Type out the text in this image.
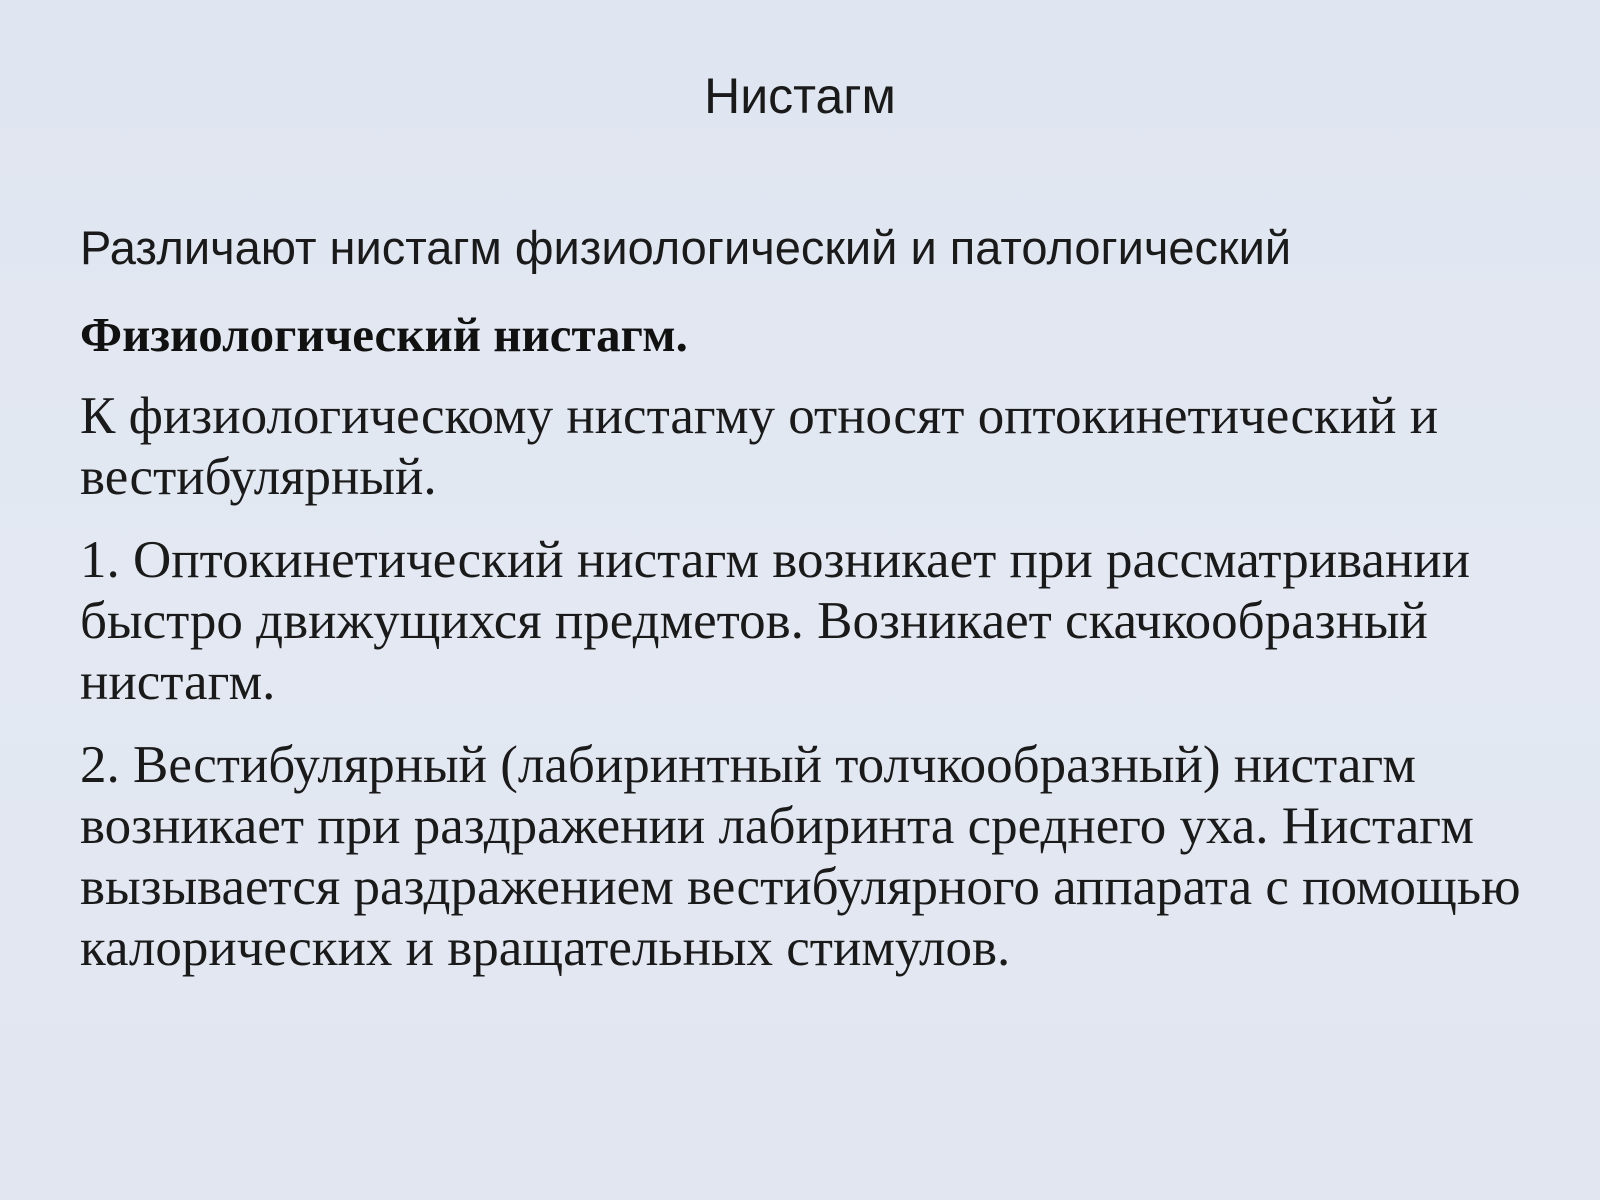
Нистагм

Различают нистагм физиологический и патологический

Физиологический нистагм.

К физиологическому нистагму относят оптокинетический и вестибулярный.

1. Оптокинетический нистагм возникает при рассматривании быстро движущихся предметов. Возникает скачкообразный нистагм.

2. Вестибулярный (лабиринтный толчкообразный) нистагм возникает при раздражении лабиринта среднего уха. Нистагм вызывается раздражением вестибулярного аппарата с помощью калорических и вращательных стимулов.
